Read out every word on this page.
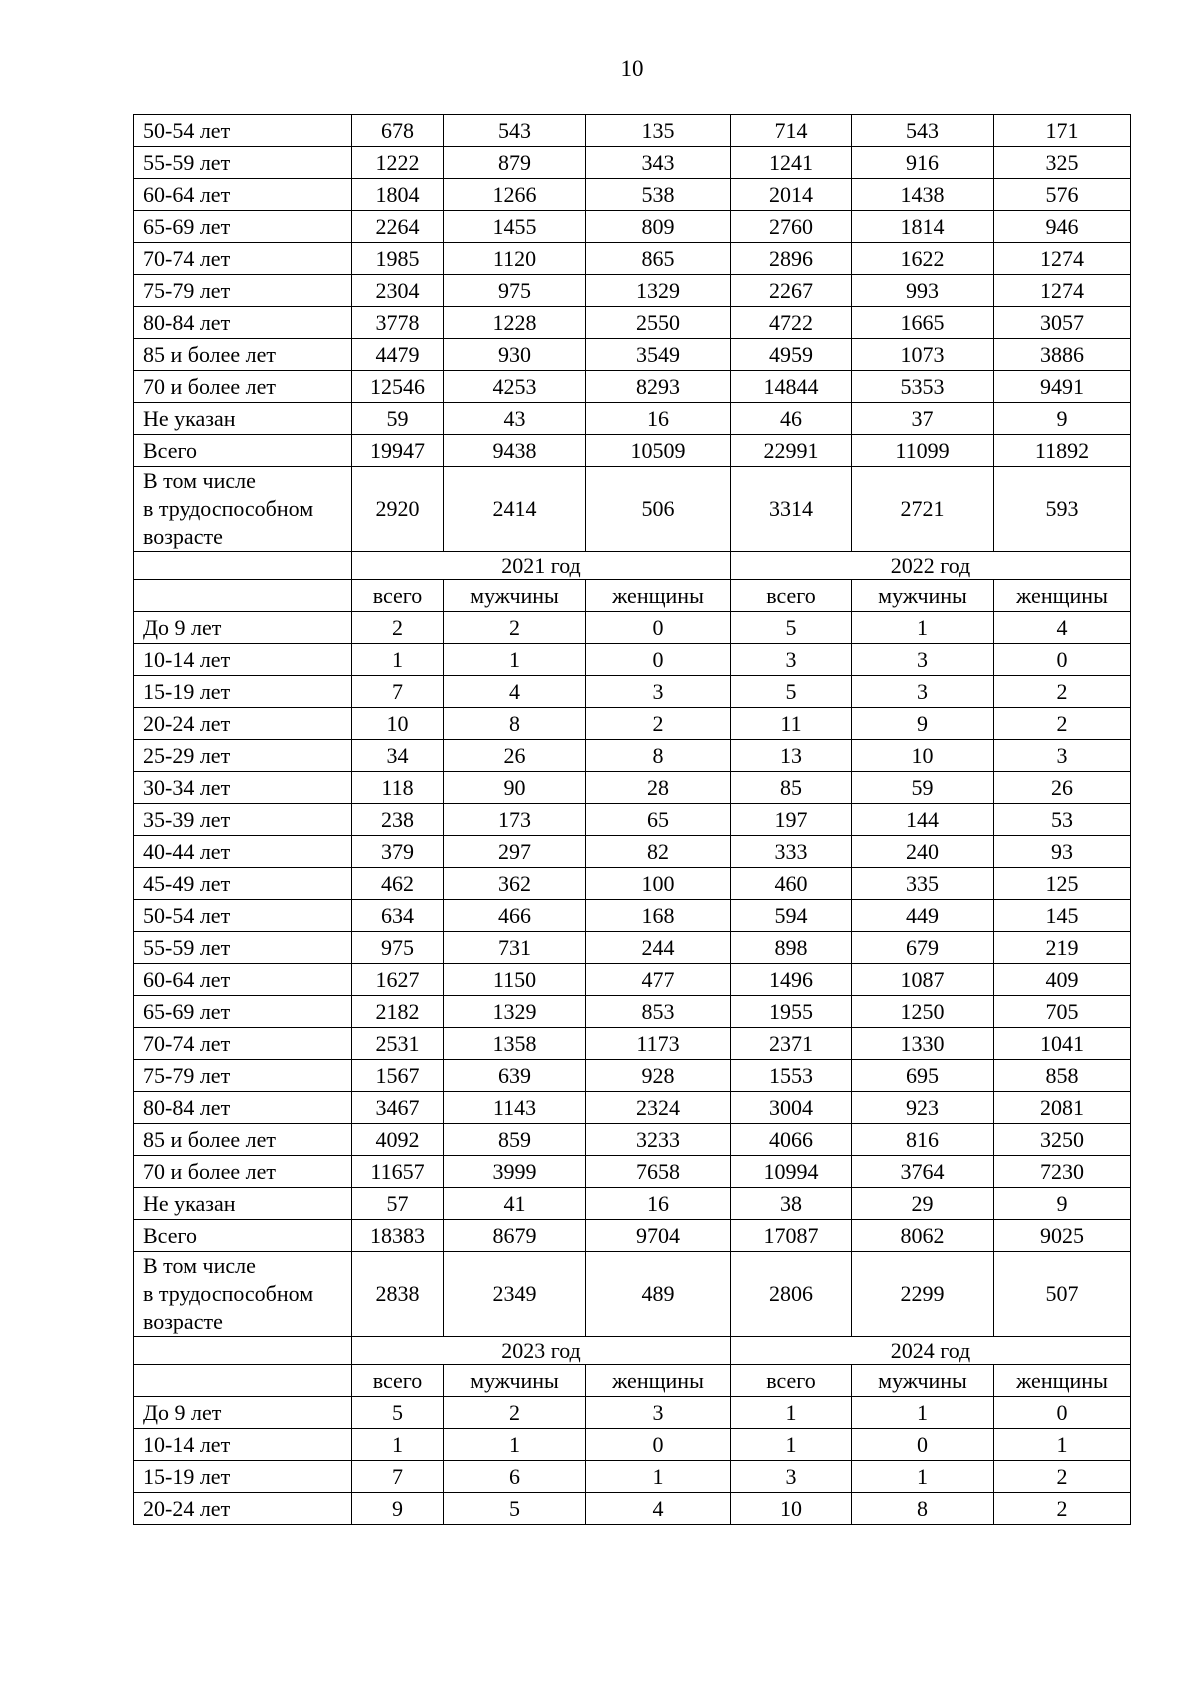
10
50-54 лет	678	543	135	714	543	171
55-59 лет	1222	879	343	1241	916	325
60-64 лет	1804	1266	538	2014	1438	576
65-69 лет	2264	1455	809	2760	1814	946
70-74 лет	1985	1120	865	2896	1622	1274
75-79 лет	2304	975	1329	2267	993	1274
80-84 лет	3778	1228	2550	4722	1665	3057
85 и более лет	4479	930	3549	4959	1073	3886
70 и более лет	12546	4253	8293	14844	5353	9491
Не указан	59	43	16	46	37	9
Всего	19947	9438	10509	22991	11099	11892
В том числе
в трудоспособном
возрасте	2920	2414	506	3314	2721	593
	2021 год			2022 год		
	всего	мужчины	женщины	всего	мужчины	женщины
До 9 лет	2	2	0	5	1	4
10-14 лет	1	1	0	3	3	0
15-19 лет	7	4	3	5	3	2
20-24 лет	10	8	2	11	9	2
25-29 лет	34	26	8	13	10	3
30-34 лет	118	90	28	85	59	26
35-39 лет	238	173	65	197	144	53
40-44 лет	379	297	82	333	240	93
45-49 лет	462	362	100	460	335	125
50-54 лет	634	466	168	594	449	145
55-59 лет	975	731	244	898	679	219
60-64 лет	1627	1150	477	1496	1087	409
65-69 лет	2182	1329	853	1955	1250	705
70-74 лет	2531	1358	1173	2371	1330	1041
75-79 лет	1567	639	928	1553	695	858
80-84 лет	3467	1143	2324	3004	923	2081
85 и более лет	4092	859	3233	4066	816	3250
70 и более лет	11657	3999	7658	10994	3764	7230
Не указан	57	41	16	38	29	9
Всего	18383	8679	9704	17087	8062	9025
В том числе
в трудоспособном
возрасте	2838	2349	489	2806	2299	507
	2023 год			2024 год		
	всего	мужчины	женщины	всего	мужчины	женщины
До 9 лет	5	2	3	1	1	0
10-14 лет	1	1	0	1	0	1
15-19 лет	7	6	1	3	1	2
20-24 лет	9	5	4	10	8	2
